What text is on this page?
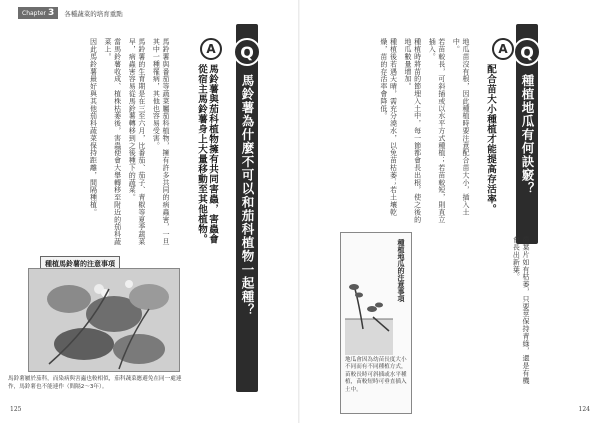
Chapter 3 各種蔬菜的培育重點
Q
馬鈴薯為什麼不可以和茄科植物一起種？
A
馬鈴薯與茄科植物擁有共同害蟲，害蟲會從宿主馬鈴薯身上大量移動至其他植物。

馬鈴薯與番茄等蔬菜屬茄科植物，擁有許多共同的病蟲害，一旦其中一種罹病，其他也容易受害。

馬鈴薯的生育期是在三至六月，比番茄、茄子、青椒等夏季蔬菜早，病蟲害容易從馬鈴薯轉移到之後種下的蔬菜。

當馬鈴薯收成、植株枯萎後，害蟲便會大舉轉移至附近的茄科蔬菜上。

因此馬鈴薯最好與其他茄科蔬菜保持距離，間隔種植。

種植馬鈴薯的注意事項
馬鈴薯屬於茄科，而染病與害蟲也較相似，茄科蔬菜應避免在同一處連作，馬鈴薯也不能連作（間隔2～3年）。
125
Q
種植地瓜有何訣竅？
A
配合苗大小種植才能提高存活率。

地瓜苗沒有根，因此種植時要注意配合苗大小，插入土中。

若苗較長，可斜插或以水平方式種植；若苗較短，則直立插入。

種植時將苗的節埋入土中，每一節都會長出根，使之後的地瓜數量增加。

種植後若遇天晴，需充分澆水，以免苗枯萎；若土壤乾燥，苗的存活率會降低。

苗葉片如有枯萎，只要莖保持青綠，還是有機會長出新葉。

種植地瓜的注意事項
地瓜會因為幼苗長度大小不同而有不同種植方式，苗較長時可斜插或水平種植，苗較短時可垂直插入土中。
124
